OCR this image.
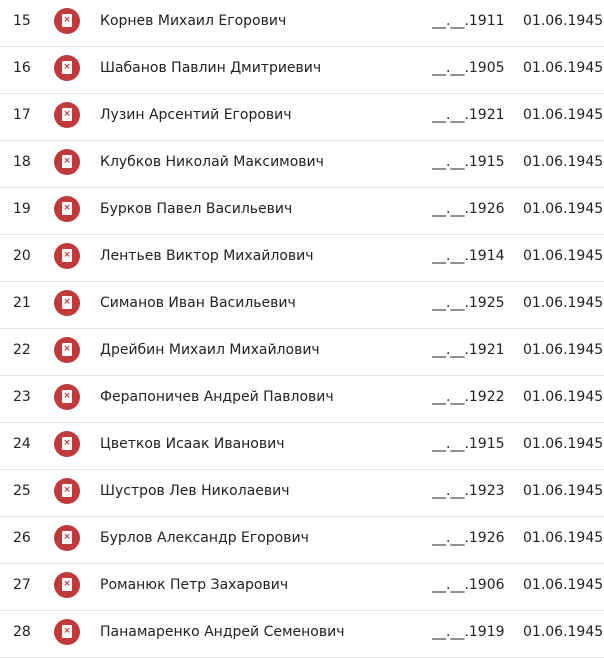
15	× Корнев Михаил Егорович	__.__.1911 01.06.1945
16	× Шабанов Павлин Дмитриевич	__.__.1905 01.06.1945
17	× Лузин Арсентий Егорович	__.__.1921 01.06.1945
18	× Клубков Николай Максимович	__.__.1915 01.06.1945
19	× Бурков Павел Васильевич	__.__.1926 01.06.1945
20	× Лентьев Виктор Михайлович	__.__.1914 01.06.1945
21	× Симанов Иван Васильевич	__.__.1925 01.06.1945
22	× Дрейбин Михаил Михайлович	__.__.1921 01.06.1945
23	× Ферапоничев Андрей Павлович	__.__.1922 01.06.1945
24	× Цветков Исаак Иванович	__.__.1915 01.06.1945
25	× Шустров Лев Николаевич	__.__.1923 01.06.1945
26	× Бурлов Александр Егорович	__.__.1926 01.06.1945
27	× Романюк Петр Захарович	__.__.1906 01.06.1945
28	× Панамаренко Андрей Семенович	__.__.1919 01.06.1945
